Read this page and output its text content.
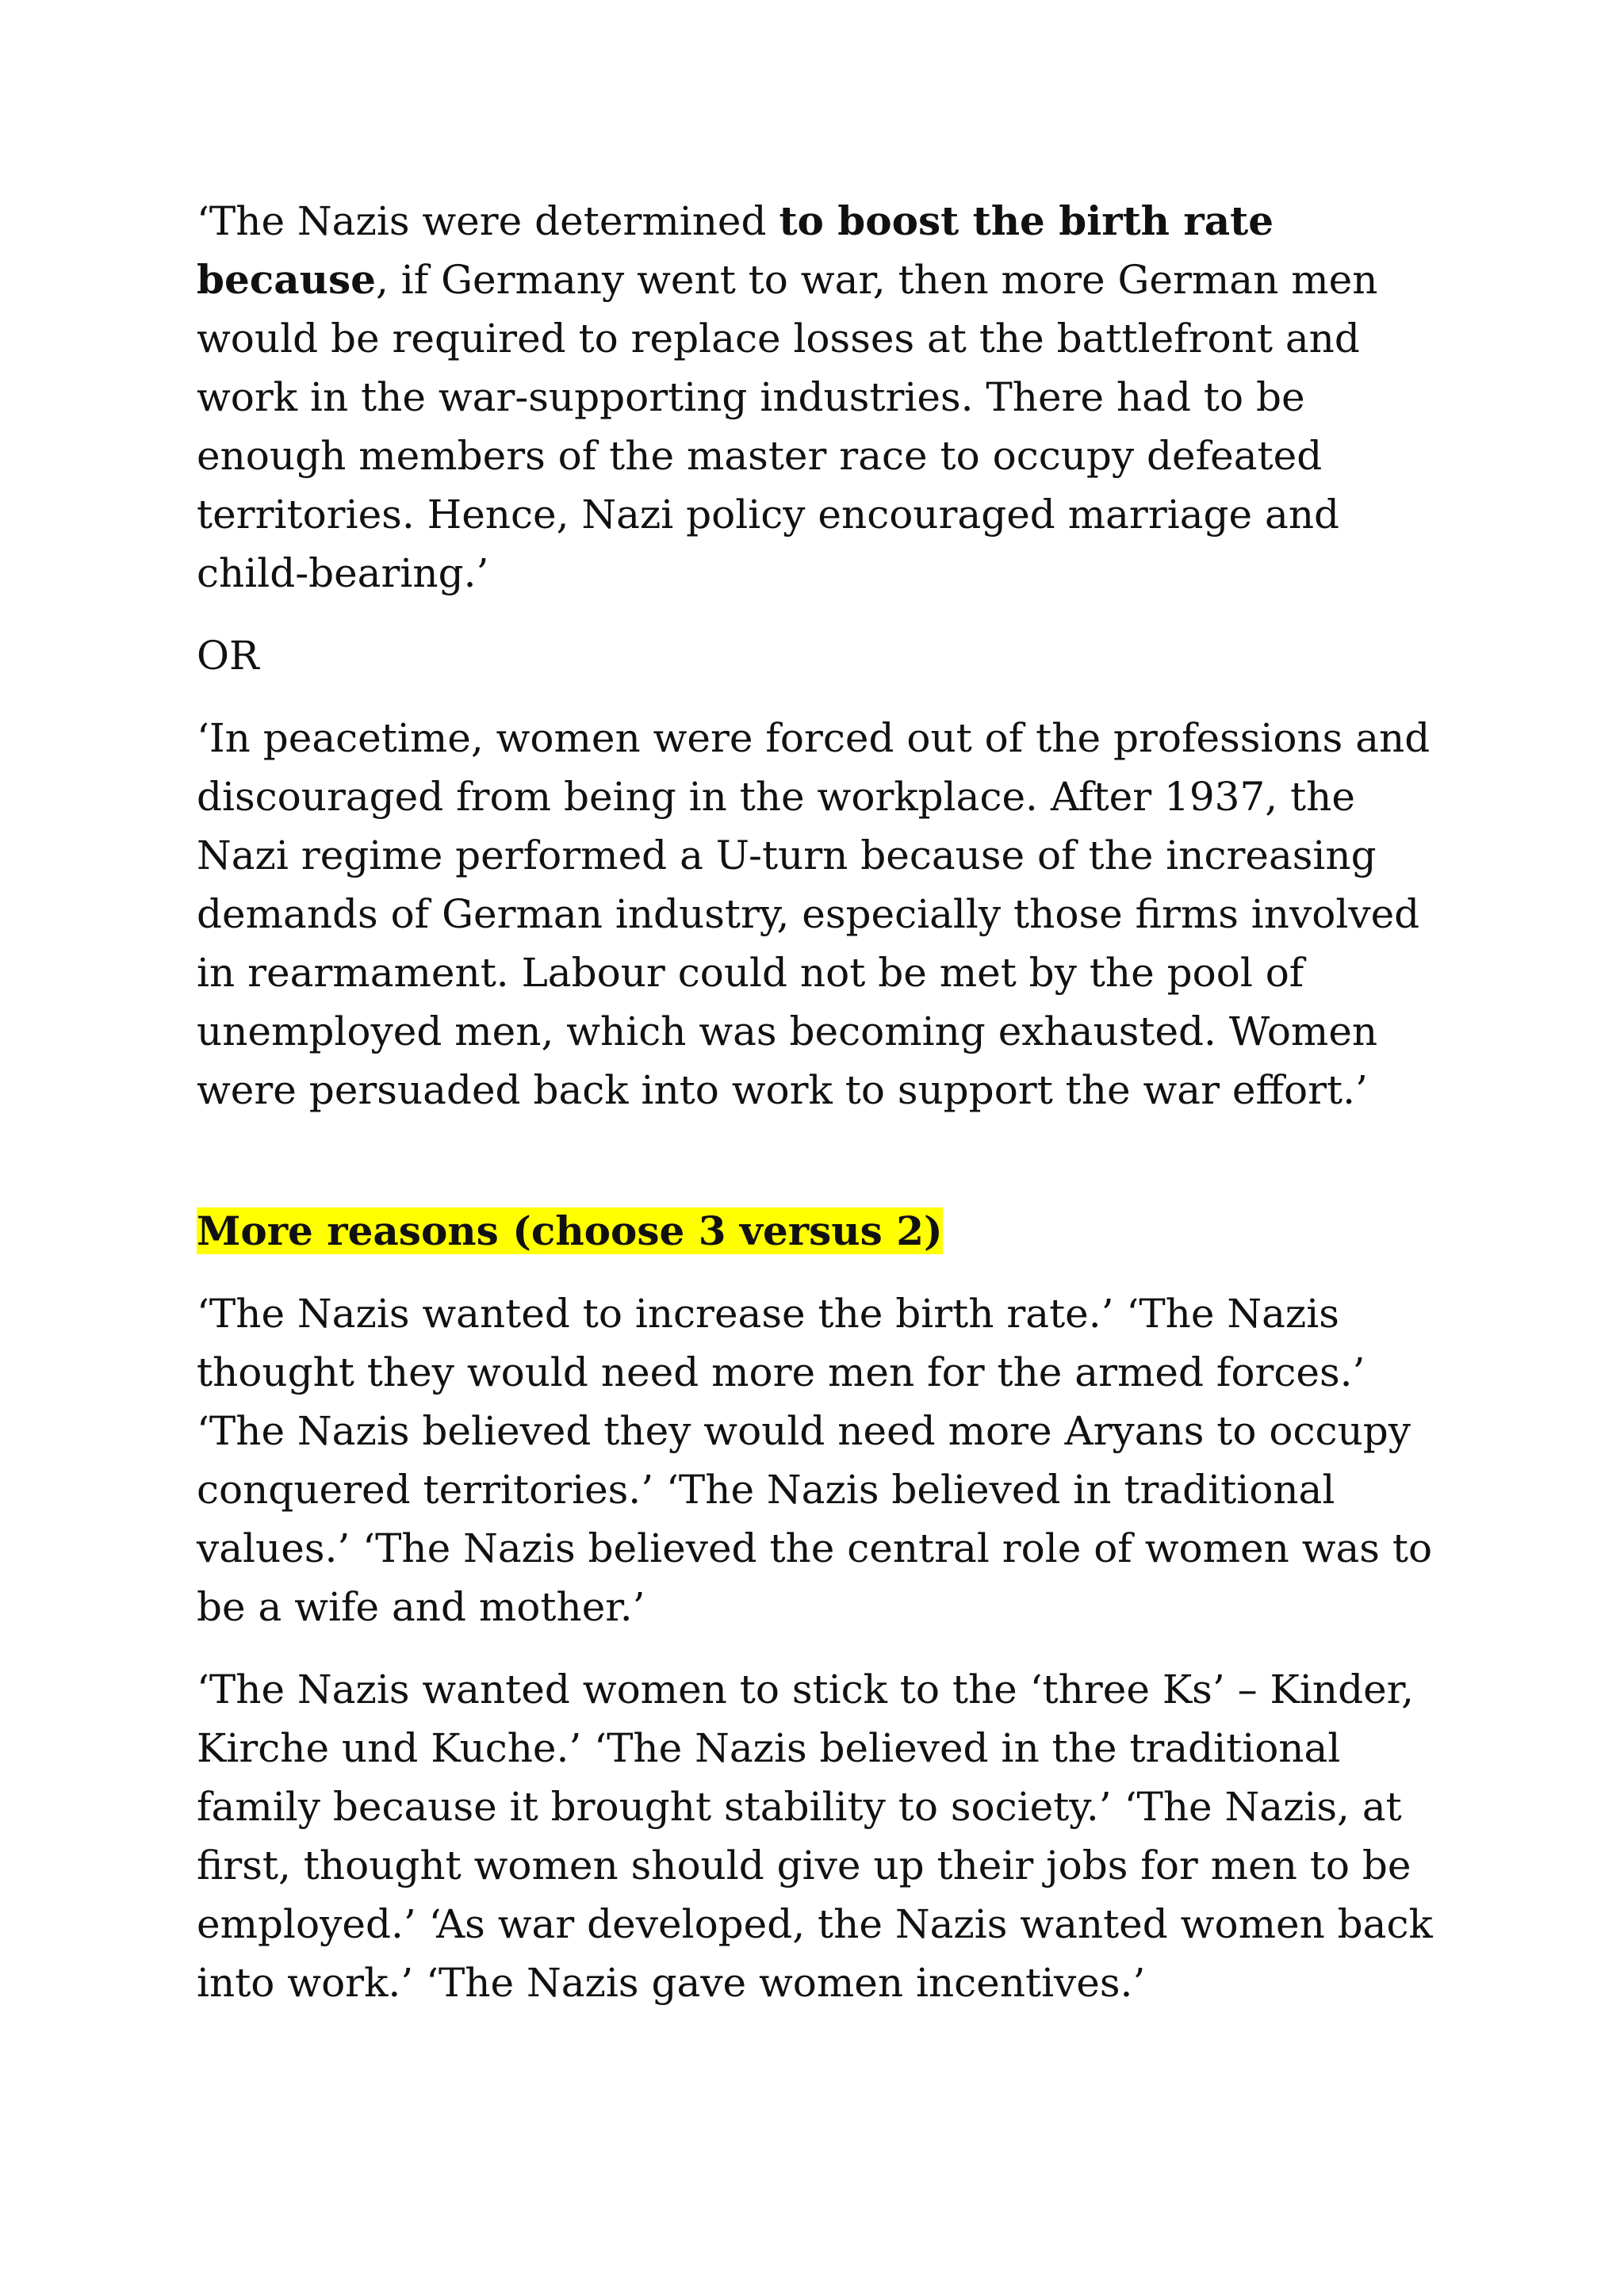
‘The Nazis were determined to boost the birth rate because, if Germany went to war, then more German men would be required to replace losses at the battlefront and work in the war-supporting industries. There had to be enough members of the master race to occupy defeated territories. Hence, Nazi policy encouraged marriage and child-bearing.’

OR

‘In peacetime, women were forced out of the professions and discouraged from being in the workplace. After 1937, the Nazi regime performed a U-turn because of the increasing demands of German industry, especially those firms involved in rearmament. Labour could not be met by the pool of unemployed men, which was becoming exhausted. Women were persuaded back into work to support the war effort.’

More reasons (choose 3 versus 2)

‘The Nazis wanted to increase the birth rate.’ ‘The Nazis thought they would need more men for the armed forces.’ ‘The Nazis believed they would need more Aryans to occupy conquered territories.’ ‘The Nazis believed in traditional values.’ ‘The Nazis believed the central role of women was to be a wife and mother.’

‘The Nazis wanted women to stick to the ‘three Ks’ – Kinder, Kirche und Kuche.’ ‘The Nazis believed in the traditional family because it brought stability to society.’ ‘The Nazis, at first, thought women should give up their jobs for men to be employed.’ ‘As war developed, the Nazis wanted women back into work.’ ‘The Nazis gave women incentives.’
